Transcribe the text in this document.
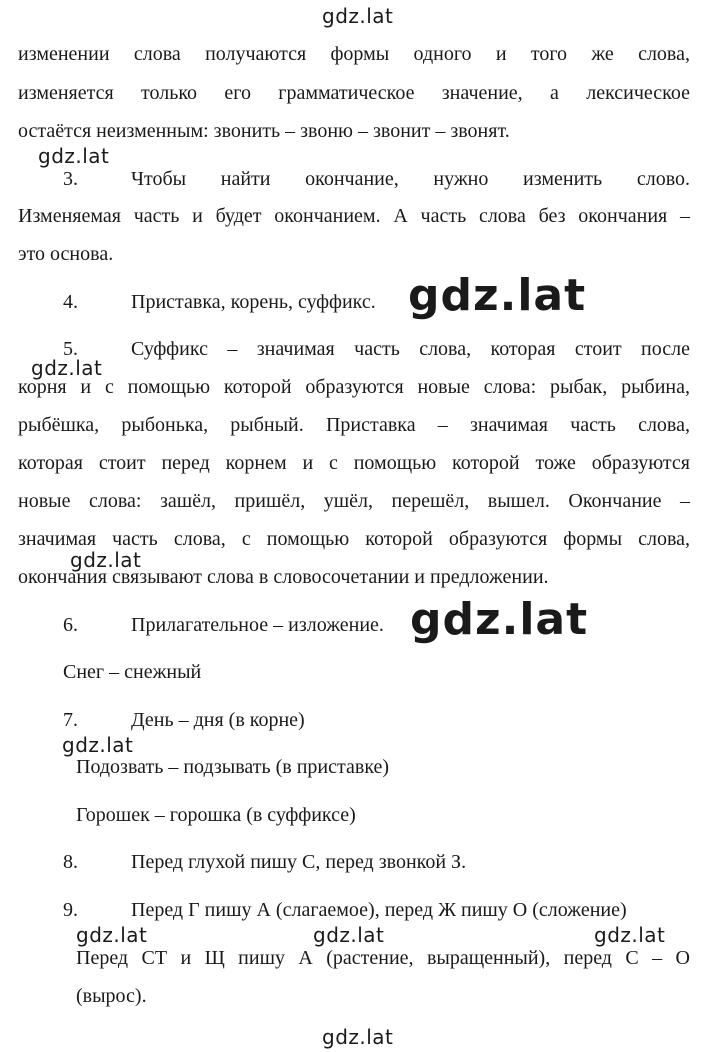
изменении слова получаются формы одного и того же слова,
изменяется только его грамматическое значение, а лексическое
остаётся неизменным: звонить – звоню – звонит – звонят.
3.	Чтобы найти окончание, нужно изменить слово.
Изменяемая часть и будет окончанием. А часть слова без окончания –
это основа.
4.	Приставка, корень, суффикс.
5.	Суффикс – значимая часть слова, которая стоит после
корня и с помощью которой образуются новые слова: рыбак, рыбина,
рыбёшка, рыбонька, рыбный. Приставка – значимая часть слова,
которая стоит перед корнем и с помощью которой тоже образуются
новые слова: зашёл, пришёл, ушёл, перешёл, вышел. Окончание –
значимая часть слова, с помощью которой образуются формы слова,
окончания связывают слова в словосочетании и предложении.
6.	Прилагательное – изложение.
Снег – снежный
7.	День – дня (в корне)
Подозвать – подзывать (в приставке)
Горошек – горошка (в суффиксе)
8.	Перед глухой пишу С, перед звонкой З.
9.	Перед Г пишу А (слагаемое), перед Ж пишу О (сложение)
Перед СТ и Щ пишу А (растение, выращенный), перед С – О
(вырос).
gdz.lat
gdz.lat
gdz.lat
gdz.lat
gdz.lat
gdz.lat	gdz.lat	gdz.lat
gdz.lat
gdz.lat
gdz.lat
